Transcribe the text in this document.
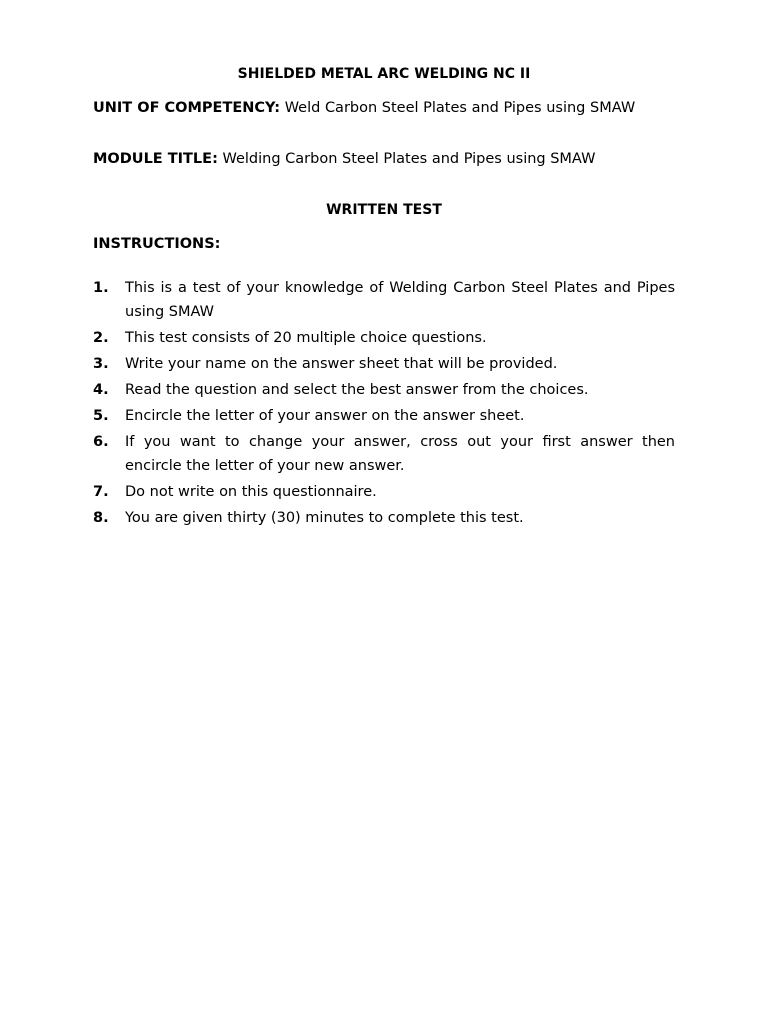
SHIELDED METAL ARC WELDING NC II
UNIT OF COMPETENCY: Weld Carbon Steel Plates and Pipes using SMAW
MODULE TITLE: Welding Carbon Steel Plates and Pipes using SMAW
WRITTEN TEST
INSTRUCTIONS:
1.	This is a test of your knowledge of Welding Carbon Steel Plates and Pipes using SMAW
2.	This test consists of 20 multiple choice questions.
3.	Write your name on the answer sheet that will be provided.
4.	Read the question and select the best answer from the choices.
5.	Encircle the letter of your answer on the answer sheet.
6.	If you want to change your answer, cross out your first answer then encircle the letter of your new answer.
7.	Do not write on this questionnaire.
8.	You are given thirty (30) minutes to complete this test.
